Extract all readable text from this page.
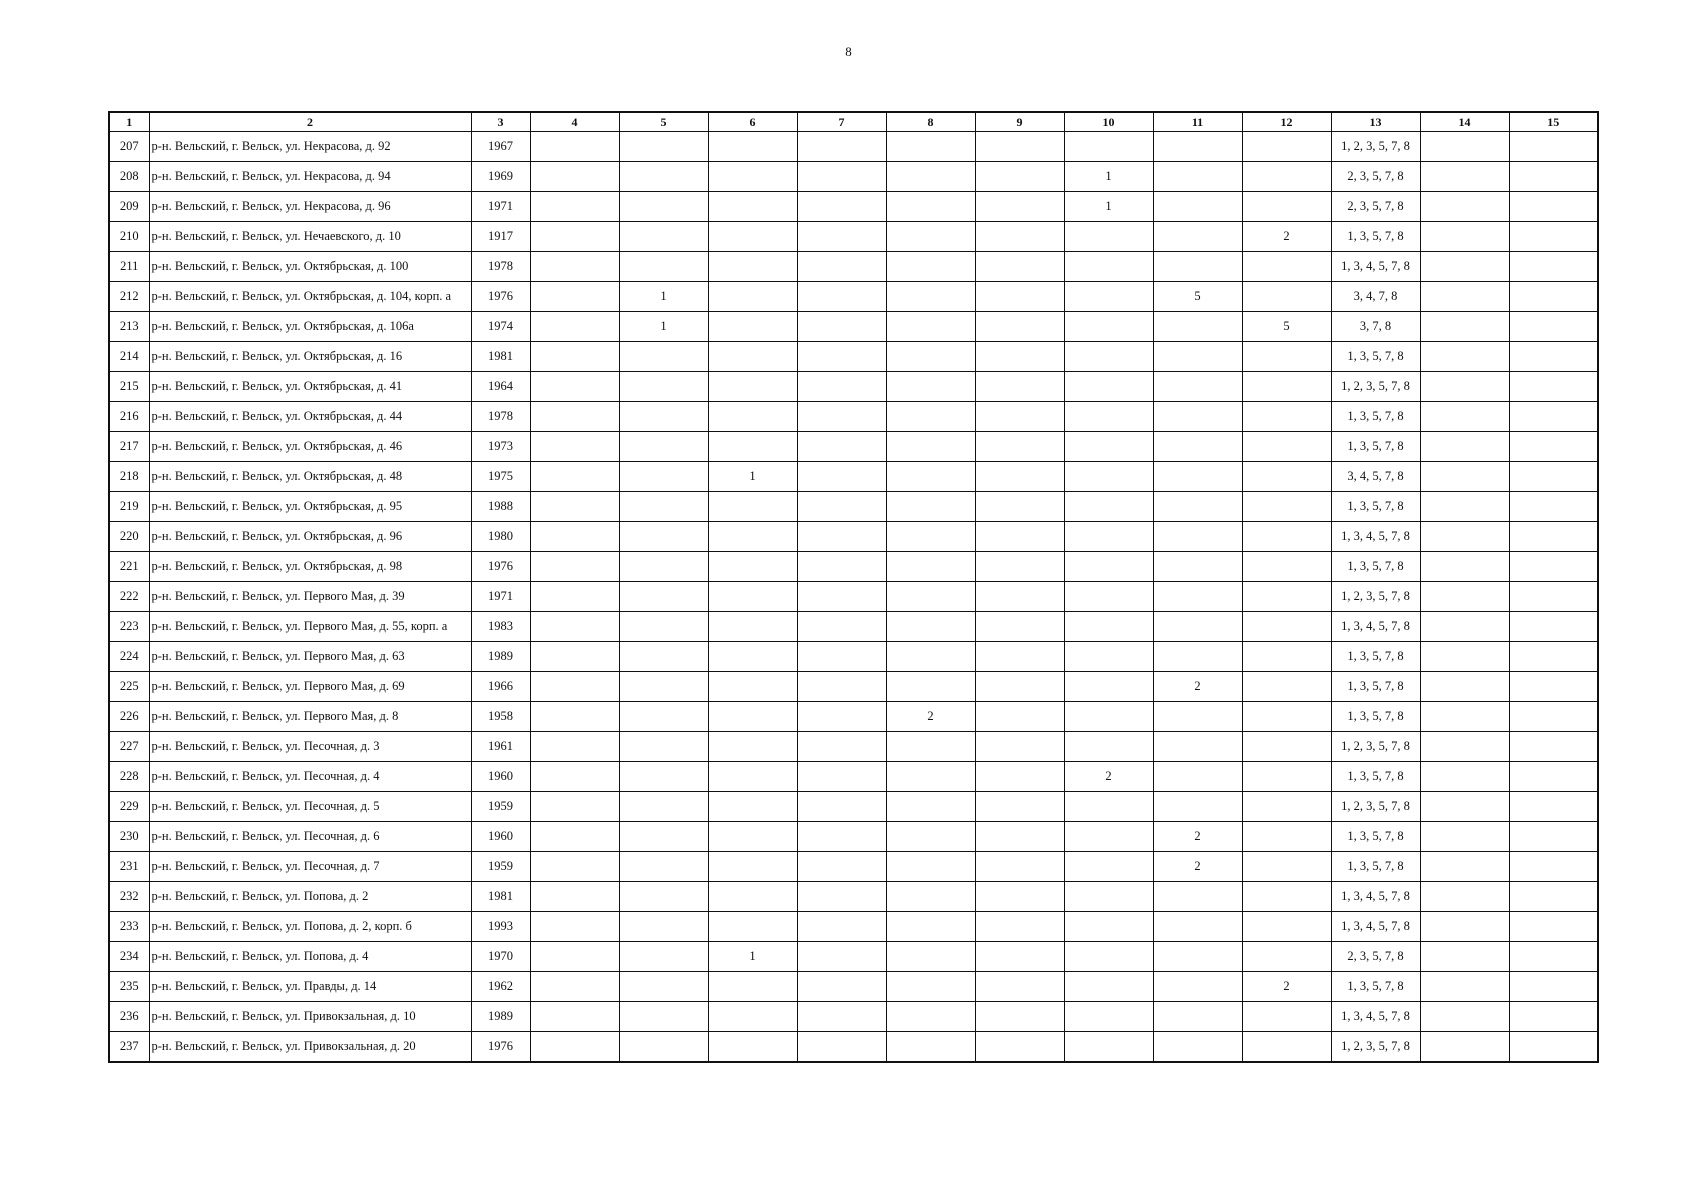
8
1	2	3	4	5	6	7	8	9	10	11	12	13	14	15
207	р-н. Вельский, г. Вельск, ул. Некрасова, д. 92	1967										1, 2, 3, 5, 7, 8		
208	р-н. Вельский, г. Вельск, ул. Некрасова, д. 94	1969							1			2, 3, 5, 7, 8		
209	р-н. Вельский, г. Вельск, ул. Некрасова, д. 96	1971							1			2, 3, 5, 7, 8		
210	р-н. Вельский, г. Вельск, ул. Нечаевского, д. 10	1917									2	1, 3, 5, 7, 8		
211	р-н. Вельский, г. Вельск, ул. Октябрьская, д. 100	1978										1, 3, 4, 5, 7, 8		
212	р-н. Вельский, г. Вельск, ул. Октябрьская, д. 104, корп. а	1976		1						5		3, 4, 7, 8		
213	р-н. Вельский, г. Вельск, ул. Октябрьская, д. 106а	1974		1							5	3, 7, 8		
214	р-н. Вельский, г. Вельск, ул. Октябрьская, д. 16	1981										1, 3, 5, 7, 8		
215	р-н. Вельский, г. Вельск, ул. Октябрьская, д. 41	1964										1, 2, 3, 5, 7, 8		
216	р-н. Вельский, г. Вельск, ул. Октябрьская, д. 44	1978										1, 3, 5, 7, 8		
217	р-н. Вельский, г. Вельск, ул. Октябрьская, д. 46	1973										1, 3, 5, 7, 8		
218	р-н. Вельский, г. Вельск, ул. Октябрьская, д. 48	1975			1							3, 4, 5, 7, 8		
219	р-н. Вельский, г. Вельск, ул. Октябрьская, д. 95	1988										1, 3, 5, 7, 8		
220	р-н. Вельский, г. Вельск, ул. Октябрьская, д. 96	1980										1, 3, 4, 5, 7, 8		
221	р-н. Вельский, г. Вельск, ул. Октябрьская, д. 98	1976										1, 3, 5, 7, 8		
222	р-н. Вельский, г. Вельск, ул. Первого Мая, д. 39	1971										1, 2, 3, 5, 7, 8		
223	р-н. Вельский, г. Вельск, ул. Первого Мая, д. 55, корп. а	1983										1, 3, 4, 5, 7, 8		
224	р-н. Вельский, г. Вельск, ул. Первого Мая, д. 63	1989										1, 3, 5, 7, 8		
225	р-н. Вельский, г. Вельск, ул. Первого Мая, д. 69	1966								2		1, 3, 5, 7, 8		
226	р-н. Вельский, г. Вельск, ул. Первого Мая, д. 8	1958					2					1, 3, 5, 7, 8		
227	р-н. Вельский, г. Вельск, ул. Песочная, д. 3	1961										1, 2, 3, 5, 7, 8		
228	р-н. Вельский, г. Вельск, ул. Песочная, д. 4	1960							2			1, 3, 5, 7, 8		
229	р-н. Вельский, г. Вельск, ул. Песочная, д. 5	1959										1, 2, 3, 5, 7, 8		
230	р-н. Вельский, г. Вельск, ул. Песочная, д. 6	1960								2		1, 3, 5, 7, 8		
231	р-н. Вельский, г. Вельск, ул. Песочная, д. 7	1959								2		1, 3, 5, 7, 8		
232	р-н. Вельский, г. Вельск, ул. Попова, д. 2	1981										1, 3, 4, 5, 7, 8		
233	р-н. Вельский, г. Вельск, ул. Попова, д. 2, корп. б	1993										1, 3, 4, 5, 7, 8		
234	р-н. Вельский, г. Вельск, ул. Попова, д. 4	1970			1							2, 3, 5, 7, 8		
235	р-н. Вельский, г. Вельск, ул. Правды, д. 14	1962									2	1, 3, 5, 7, 8		
236	р-н. Вельский, г. Вельск, ул. Привокзальная, д. 10	1989										1, 3, 4, 5, 7, 8		
237	р-н. Вельский, г. Вельск, ул. Привокзальная, д. 20	1976										1, 2, 3, 5, 7, 8		
